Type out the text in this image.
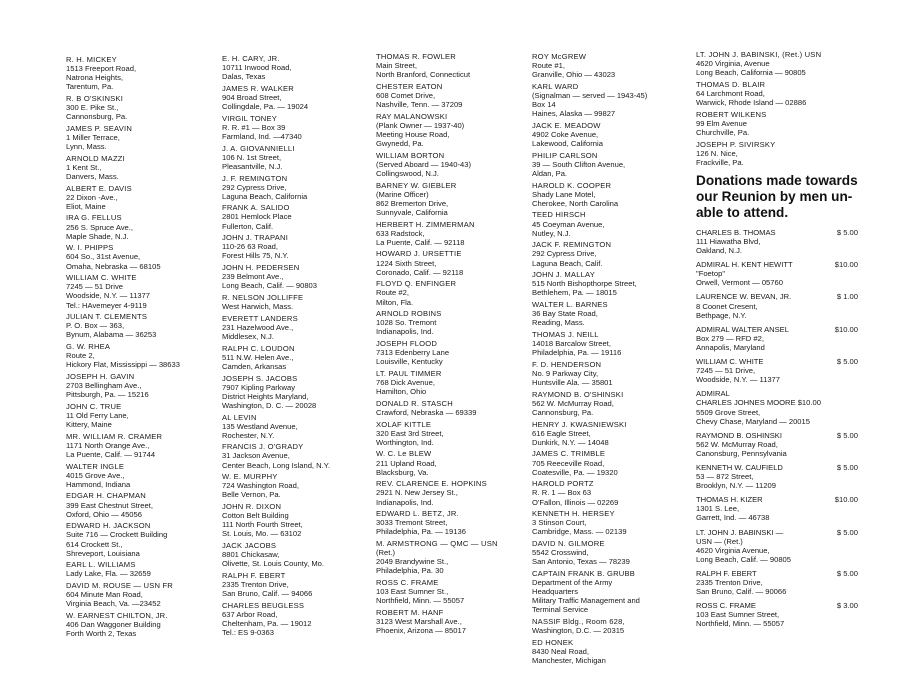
R. H. MICKEY
1513 Freeport Road,
Natrona Heights,
Tarentum, Pa.
R. B O'SKINSKI
300 E. Pike St.,
Cannonsburg, Pa.
JAMES P. SEAVIN
1 Miller Terrace,
Lynn, Mass.
ARNOLD MAZZI
1 Kent St.,
Danvers, Mass.
ALBERT E. DAVIS
22 Dixon -Ave.,
Eliot, Maine
IRA G. FELLUS
256 S. Spruce Ave.,
Maple Shade, N.J.
W. I. PHIPPS
604 So., 31st Avenue,
Omaha, Nebraska — 68105
WILLIAM C. WHITE
7245 — 51 Drive
Woodside, N.Y. — 11377
Tel.: HAvemeyer 4-9119
JULIAN T. CLEMENTS
P. O. Box — 363,
Bynum, Alabama — 36253
G. W. RHEA
Route 2,
Hickory Flat, Mississippi — 38633
JOSEPH H. GAVIN
2703 Bellingham Ave.,
Pittsburgh, Pa. — 15216
JOHN C. TRUE
11 Old Ferry Lane,
Kittery, Maine
MR. WILLIAM R. CRAMER
1171 North Orange Ave.,
La Puente, Calif. — 91744
WALTER INGLE
4015 Grove Ave.,
Hammond, Indiana
EDGAR H. CHAPMAN
399 East Chestnut Street,
Oxford, Ohio — 45056
EDWARD H. JACKSON
Suite 716 — Crockett Building
614 Crockett St.,
Shreveport, Louisiana
EARL L. WILLIAMS
Lady Lake, Fla. — 32659
DAVID M. ROUSE — USN FR
604 Minute Man Road,
Virginia Beach, Va. —23452
W. EARNEST CHILTON, JR.
406 Dan Waggoner Building
Forth Worth 2, Texas
E. H. CARY, JR.
10711 Inwood Road,
Dalas, Texas
JAMES R. WALKER
904 Broad Street,
Collingdale, Pa. — 19024
VIRGIL TONEY
R. R. #1 — Box 39
Farmland, Ind. —47340
J. A. GIOVANNIELLI
106 N. 1st Street,
Pleasantville, N.J.
J. F. REMINGTON
292 Cypress Drive,
Laguna Beach, California
FRANK A. SALIDO
2801 Hemlock Place
Fullerton, Calif.
JOHN J. TRAPANI
110-26 63 Road,
Forest Hills 75, N.Y.
JOHN H. PEDERSEN
239 Belmont Ave.,
Long Beach, Calif. — 90803
R. NELSON JOLLIFFE
West Harwich, Mass.
EVERETT LANDERS
231 Hazelwood Ave.,
Middlesex, N.J.
RALPH C. LOUDON
511 N.W. Helen Ave.,
Camden, Arkansas
JOSEPH S. JACOBS
7907 Kipling Parkway
District Heights Maryland,
Washington, D. C. — 20028
AL LEVIN
135 Westland Avenue,
Rochester, N.Y.
FRANCIS J. O'GRADY
31 Jackson Avenue,
Center Beach, Long Island, N.Y.
W. E. MURPHY
724 Washington Road,
Belle Vernon, Pa.
JOHN R. DIXON
Cotton Belt Building
111 North Fourth Street,
St. Louis, Mo. — 63102
JACK JACOBS
8801 Chickasaw,
Olivette, St. Louis County, Mo.
RALPH F. EBERT
2335 Trenton Drive,
San Bruno, Calif. — 94066
CHARLES BEUGLESS
637 Arbor Road,
Cheltenham, Pa. — 19012
Tel.: ES 9-0363
THOMAS R. FOWLER
Main Street,
North Branford, Connecticut
CHESTER EATON
608 Comet Drive,
Nashville, Tenn. — 37209
RAY MALANOWSKI
(Plank Owner — 1937-40)
Meeting House Road,
Gwynedd, Pa.
WILLIAM BORTON
(Served Aboard — 1940-43)
Collingswood, N.J.
BARNEY W. GIEBLER
(Marine Officer)
862 Bremerton Drive,
Sunnyvale, California
HERBERT H. ZIMMERMAN
633 Radstock,
La Puente, Calif. — 92118
HOWARD J. URSETTIE
1224 Sixth Street,
Coronado, Calif. — 92118
FLOYD Q. ENFINGER
Route #2,
Milton, Fla.
ARNOLD ROBINS
1028 So. Tremont
Indianapolis, Ind.
JOSEPH FLOOD
7313 Edenberry Lane
Louisville, Kentucky
LT. PAUL TIMMER
768 Dick Avenue,
Hamilton, Ohio
DONALD R. STASCH
Crawford, Nebraska — 69339
XOLAF KITTLE
320 East 3rd Street,
Worthington, Ind.
W. C. Le BLEW
211 Upland Road,
Blacksburg, Va.
REV. CLARENCE E. HOPKINS
2921 N. New Jersey St.,
Indianapolis, Ind.
EDWARD L. BETZ, JR.
3033 Tremont Street,
Philadelphia, Pa. — 19136
M. ARMSTRONG — QMC — USN
(Ret.)
2049 Brandywine St.,
Philadelphia, Pa. 30
ROSS C. FRAME
103 East Sumner St.,
Northfield, Minn. — 55057
ROBERT M. HANF
3123 West Marshall Ave.,
Phoenix, Arizona — 85017
ROY McGREW
Route #1,
Granville, Ohio — 43023
KARL WARD
(Signalman — served — 1943-45)
Box 14
Haines, Alaska — 99827
JACK E. MEADOW
4902 Coke Avenue,
Lakewood, California
PHILIP CARLSON
39 — South Clifton Avenue,
Aldan, Pa.
HAROLD K. COOPER
Shady Lane Motel,
Cherokee, North Carolina
TEED HIRSCH
45 Coeyman Avenue,
Nutley, N.J.
JACK F. REMINGTON
292 Cypress Drive,
Laguna Beach, Calif.
JOHN J. MALLAY
515 North Bishopthorpe Street,
Bethlehem, Pa. — 18015
WALTER L. BARNES
36 Bay State Road,
Reading, Mass.
THOMAS J. NEILL
14018 Barcalow Street,
Philadelphia, Pa. — 19116
F. D. HENDERSON
No. 9 Parkway City,
Huntsville Ala. — 35801
RAYMOND B. O'SHINSKI
562 W. McMurray Road,
Cannonsburg, Pa.
HENRY J. KWASNIEWSKI
616 Eagle Street,
Dunkirk, N.Y. — 14048
JAMES C. TRIMBLE
705 Reeceville Road,
Coatesville, Pa. — 19320
HAROLD PORTZ
R. R. 1 — Box 63
O'Fallon, Illinois — 02269
KENNETH H. HERSEY
3 Stinson Court,
Cambridge, Mass. — 02139
DAVID N. GILMORE
5542 Crosswind,
San Antonio, Texas — 78239
CAPTAIN FRANK B. GRUBB
Department of the Army
Headquarters
Military Traffic Management and
Terminal Service
NASSIF Bldg., Room 628,
Washington, D.C. — 20315
ED HONEK
8430 Neal Road,
Manchester, Michigan
LT. JOHN J. BABINSKI, (Ret.) USN
4620 Virginia, Avenue
Long Beach, California — 90805
THOMAS D. BLAIR
64 Larchmont Road,
Warwick, Rhode Island — 02886
ROBERT WILKENS
99 Elm Avenue
Churchville, Pa.
JOSEPH P. SIVIRSKY
126 N. Nice,
Frackville, Pa.
Donations made towards
our Reunion by men un-
able to attend.
CHARLES B. THOMAS	$ 5.00
111 Hiawatha Blvd,
Oakland, N.J.
ADMIRAL H. KENT HEWITT	$10.00
"Foetop"
Orwell, Vermont — 05760
LAURENCE W. BEVAN, JR.	$ 1.00
8 Coonet Cresent,
Bethpage, N.Y.
ADMIRAL WALTER ANSEL	$10.00
Box 279 — RFD #2,
Annapolis, Maryland
WILLIAM C. WHITE	$ 5.00
7245 — 51 Drive,
Woodside, N.Y. — 11377
ADMIRAL
CHARLES JOHNES MOORE $10.00
5509 Grove Street,
Chevy Chase, Maryland — 20015
RAYMOND B. OSHINSKI	$ 5.00
562 W. McMurray Road,
Canonsburg, Pennsylvania
KENNETH W. CAUFIELD	$ 5.00
53 — 872 Street,
Brooklyn, N.Y. — 11209
THOMAS H. KIZER	$10.00
1301 S. Lee,
Garrett, Ind. — 46738
LT. JOHN J. BABINSKI —	$ 5.00
USN — (Ret.)
4620 Virginia Avenue,
Long Beach, Calif. — 90805
RALPH F. EBERT	$ 5.00
2335 Trenton Drive,
San Bruno, Calif. — 90066
ROSS C. FRAME	$ 3.00
103 East Sumner Street,
Northfield, Minn. — 55057
